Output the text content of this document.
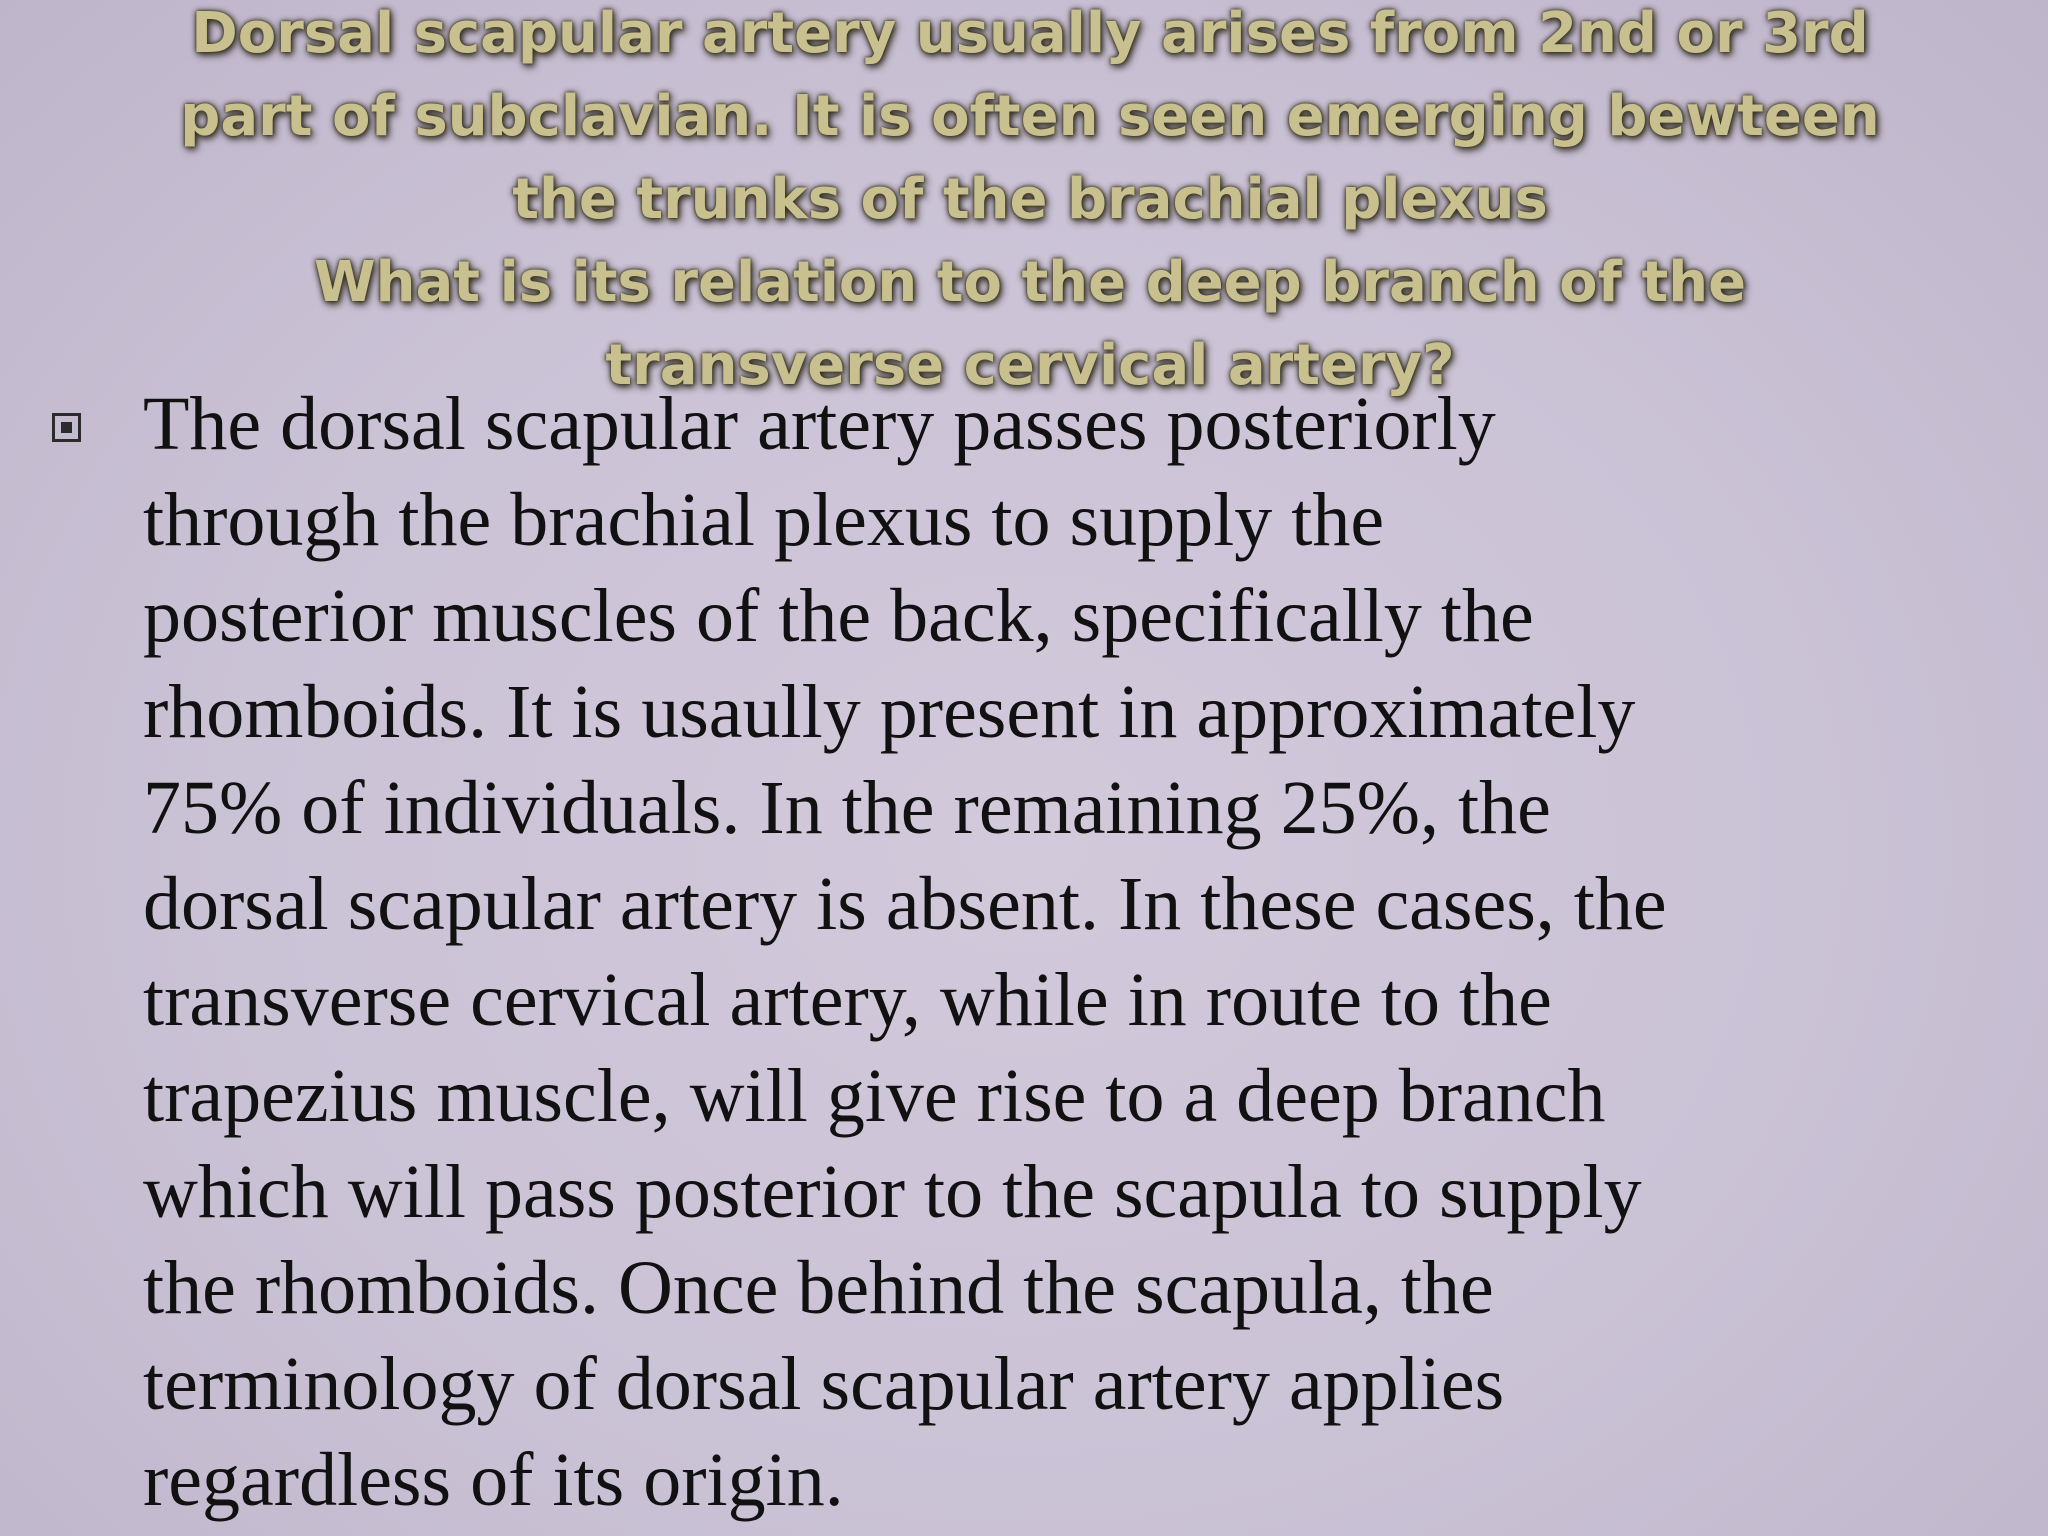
Dorsal scapular artery usually arises from 2nd or 3rd
part of subclavian. It is often seen emerging bewteen
the trunks of the brachial plexus
What is its relation to the deep branch of the
transverse cervical artery?

The dorsal scapular artery passes posteriorly
through the brachial plexus to supply the
posterior muscles of the back, specifically the
rhomboids. It is usaully present in approximately
75% of individuals. In the remaining 25%, the
dorsal scapular artery is absent. In these cases, the
transverse cervical artery, while in route to the
trapezius muscle, will give rise to a deep branch
which will pass posterior to the scapula to supply
the rhomboids. Once behind the scapula, the
terminology of dorsal scapular artery applies
regardless of its origin.
